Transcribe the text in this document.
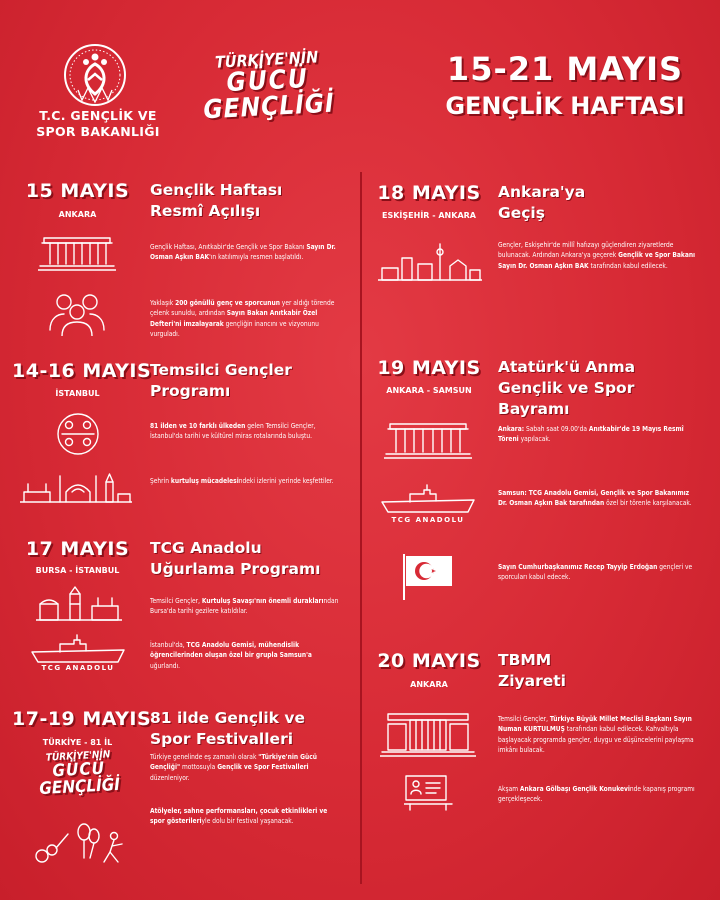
T.C. GENÇLİK VE
SPOR BAKANLIĞI
TÜRKİYE'NİN
GÜCÜ
GENÇLİĞİ
15-21 MAYIS
GENÇLİK HAFTASI
15 MAYIS
ANKARA
Gençlik Haftası
Resmî Açılışı
Gençlik Haftası, Anıtkabir'de Gençlik ve Spor Bakanı Sayın Dr. Osman Aşkın BAK'ın katılımıyla resmen başlatıldı.
Yaklaşık 200 gönüllü genç ve sporcunun yer aldığı törende çelenk sunuldu, ardından Sayın Bakan Anıtkabir Özel Defteri'ni imzalayarak gençliğin inancını ve vizyonunu vurguladı.
14-16 MAYIS
İSTANBUL
Temsilci Gençler
Programı
81 ilden ve 10 farklı ülkeden gelen Temsilci Gençler, İstanbul'da tarihi ve kültürel miras rotalarında buluştu.
Şehrin kurtuluş mücadelesindeki izlerini yerinde keşfettiler.
17 MAYIS
BURSA - İSTANBUL
TCG Anadolu
Uğurlama Programı
Temsilci Gençler, Kurtuluş Savaşı'nın önemli duraklarından Bursa'da tarihi gezilere katıldılar.
TCG ANADOLU
İstanbul'da, TCG Anadolu Gemisi, mühendislik öğrencilerinden oluşan özel bir grupla Samsun'a uğurlandı.
17-19 MAYIS
TÜRKİYE - 81 İL
81 ilde Gençlik ve
Spor Festivalleri
TÜRKİYE'NİN
GÜCÜ
GENÇLİĞİ
Türkiye genelinde eş zamanlı olarak "Türkiye'nin Gücü Gençliği" mottosuyla Gençlik ve Spor Festivalleri düzenleniyor.
Atölyeler, sahne performansları, çocuk etkinlikleri ve spor gösterileriyle dolu bir festival yaşanacak.
18 MAYIS
ESKİŞEHİR - ANKARA
Ankara'ya
Geçiş
Gençler, Eskişehir'de millî hafızayı güçlendiren ziyaretlerde bulunacak. Ardından Ankara'ya geçerek Gençlik ve Spor Bakanı Sayın Dr. Osman Aşkın BAK tarafından kabul edilecek.
19 MAYIS
ANKARA - SAMSUN
Atatürk'ü Anma
Gençlik ve Spor Bayramı
Ankara: Sabah saat 09.00'da Anıtkabir'de 19 Mayıs Resmî Töreni yapılacak.
TCG ANADOLU
Samsun: TCG Anadolu Gemisi, Gençlik ve Spor Bakanımız Dr. Osman Aşkın Bak tarafından özel bir törenle karşılanacak.
Sayın Cumhurbaşkanımız Recep Tayyip Erdoğan gençleri ve sporcuları kabul edecek.
20 MAYIS
ANKARA
TBMM
Ziyareti
Temsilci Gençler, Türkiye Büyük Millet Meclisi Başkanı Sayın Numan KURTULMUŞ tarafından kabul edilecek. Kahvaltıyla başlayacak programda gençler, duygu ve düşüncelerini paylaşma imkânı bulacak.
Akşam Ankara Gölbaşı Gençlik Konukevinde kapanış programı gerçekleşecek.
